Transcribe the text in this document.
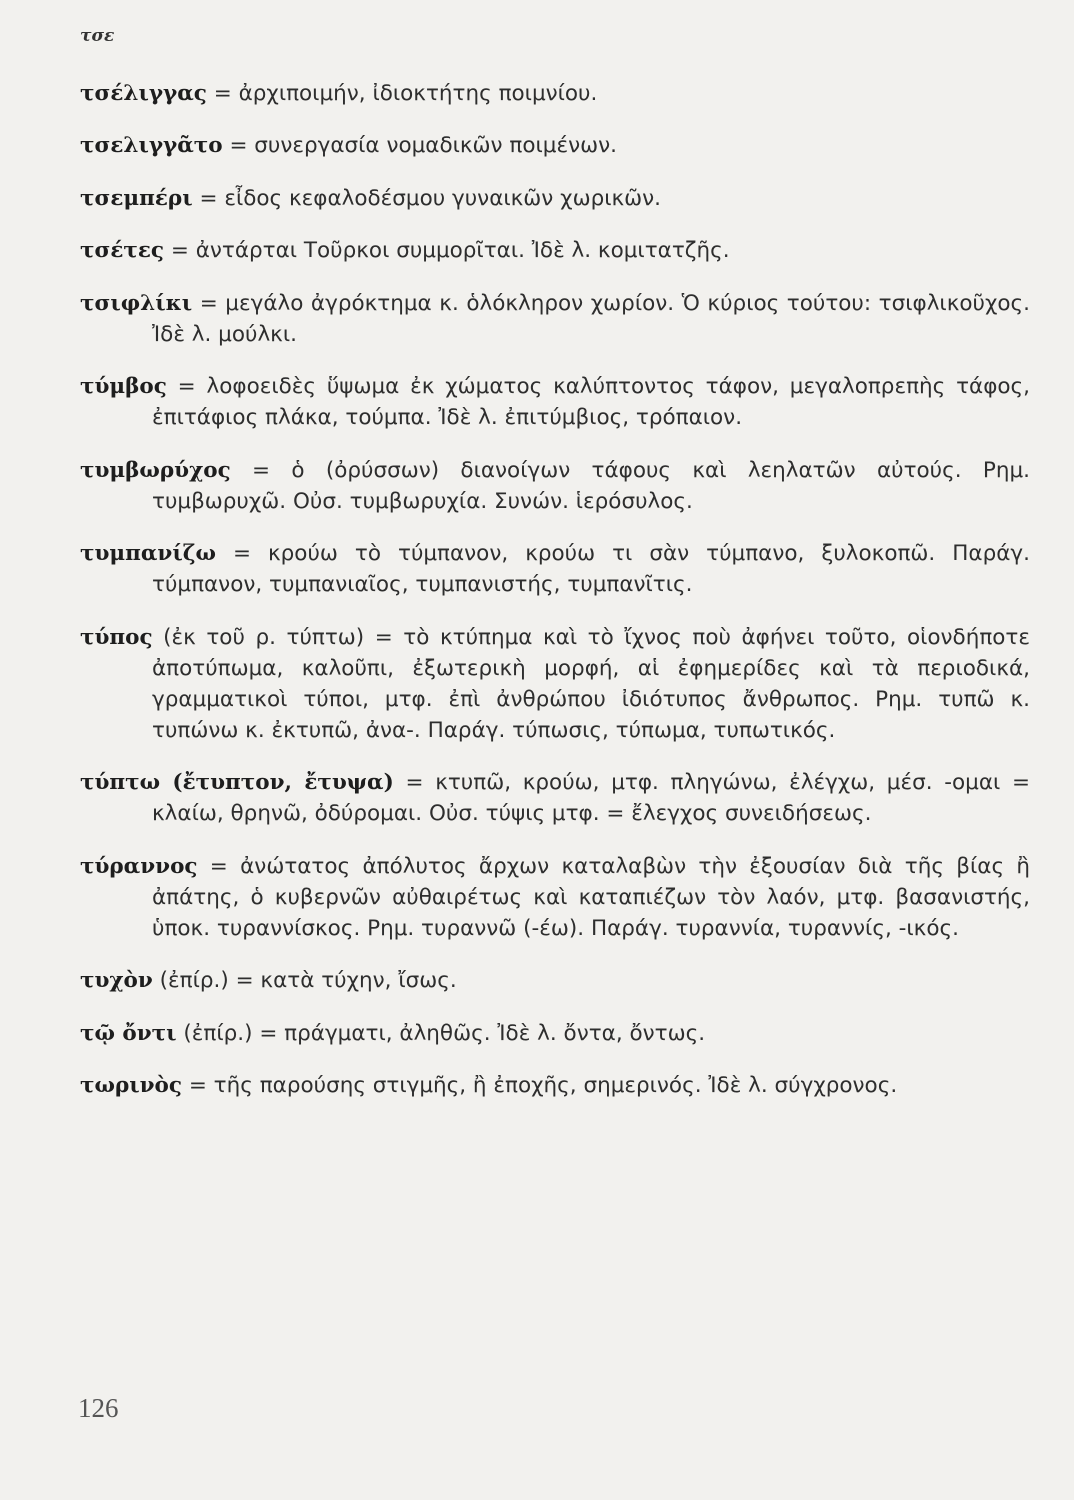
τσε

τσέλιγγας = ἀρχιποιμήν, ἰδιοκτήτης ποιμνίου.

τσελιγγᾶτο = συνεργασία νομαδικῶν ποιμένων.

τσεμπέρι = εἶδος κεφαλοδέσμου γυναικῶν χωρικῶν.

τσέτες = ἀντάρται Τοῦρκοι συμμορῖται. Ἰδὲ λ. κομιτατζῆς.

τσιφλίκι = μεγάλο ἀγρόκτημα κ. ὁλόκληρον χωρίον. Ὁ κύριος τούτου: τσιφλικοῦχος. Ἰδὲ λ. μούλκι.

τύμβος = λοφοειδὲς ὕψωμα ἐκ χώματος καλύπτοντος τάφον, μεγαλοπρεπὴς τάφος, ἐπιτάφιος πλάκα, τούμπα. Ἰδὲ λ. ἐπιτύμβιος, τρόπαιον.

τυμβωρύχος = ὁ (ὀρύσσων) διανοίγων τάφους καὶ λεηλατῶν αὐτούς. Ρημ. τυμβωρυχῶ. Οὐσ. τυμβωρυχία. Συνών. ἱερόσυλος.

τυμπανίζω = κρούω τὸ τύμπανον, κρούω τι σὰν τύμπανο, ξυλοκοπῶ. Παράγ. τύμπανον, τυμπανιαῖος, τυμπανιστής, τυμπανῖτις.

τύπος (ἐκ τοῦ ρ. τύπτω) = τὸ κτύπημα καὶ τὸ ἴχνος ποὺ ἀφήνει τοῦτο, οἱονδήποτε ἀποτύπωμα, καλοῦπι, ἐξωτερικὴ μορφή, αἱ ἐφημερίδες καὶ τὰ περιοδικά, γραμματικοὶ τύποι, μτφ. ἐπὶ ἀνθρώπου ἰδιότυπος ἄνθρωπος. Ρημ. τυπῶ κ. τυπώνω κ. ἐκτυπῶ, ἀνα-. Παράγ. τύπωσις, τύπωμα, τυπωτικός.

τύπτω (ἔτυπτον, ἔτυψα) = κτυπῶ, κρούω, μτφ. πληγώνω, ἐλέγχω, μέσ. -ομαι = κλαίω, θρηνῶ, ὀδύρομαι. Οὐσ. τύψις μτφ. = ἔλεγχος συνειδήσεως.

τύραννος = ἀνώτατος ἀπόλυτος ἄρχων καταλαβὼν τὴν ἐξουσίαν διὰ τῆς βίας ἢ ἀπάτης, ὁ κυβερνῶν αὐθαιρέτως καὶ καταπιέζων τὸν λαόν, μτφ. βασανιστής, ὑποκ. τυραννίσκος. Ρημ. τυραννῶ (-έω). Παράγ. τυραννία, τυραννίς, -ικός.

τυχὸν (ἐπίρ.) = κατὰ τύχην, ἴσως.

τῷ ὄντι (ἐπίρ.) = πράγματι, ἀληθῶς. Ἰδὲ λ. ὄντα, ὄντως.

τωρινὸς = τῆς παρούσης στιγμῆς, ἢ ἐποχῆς, σημερινός. Ἰδὲ λ. σύγχρονος.

126
